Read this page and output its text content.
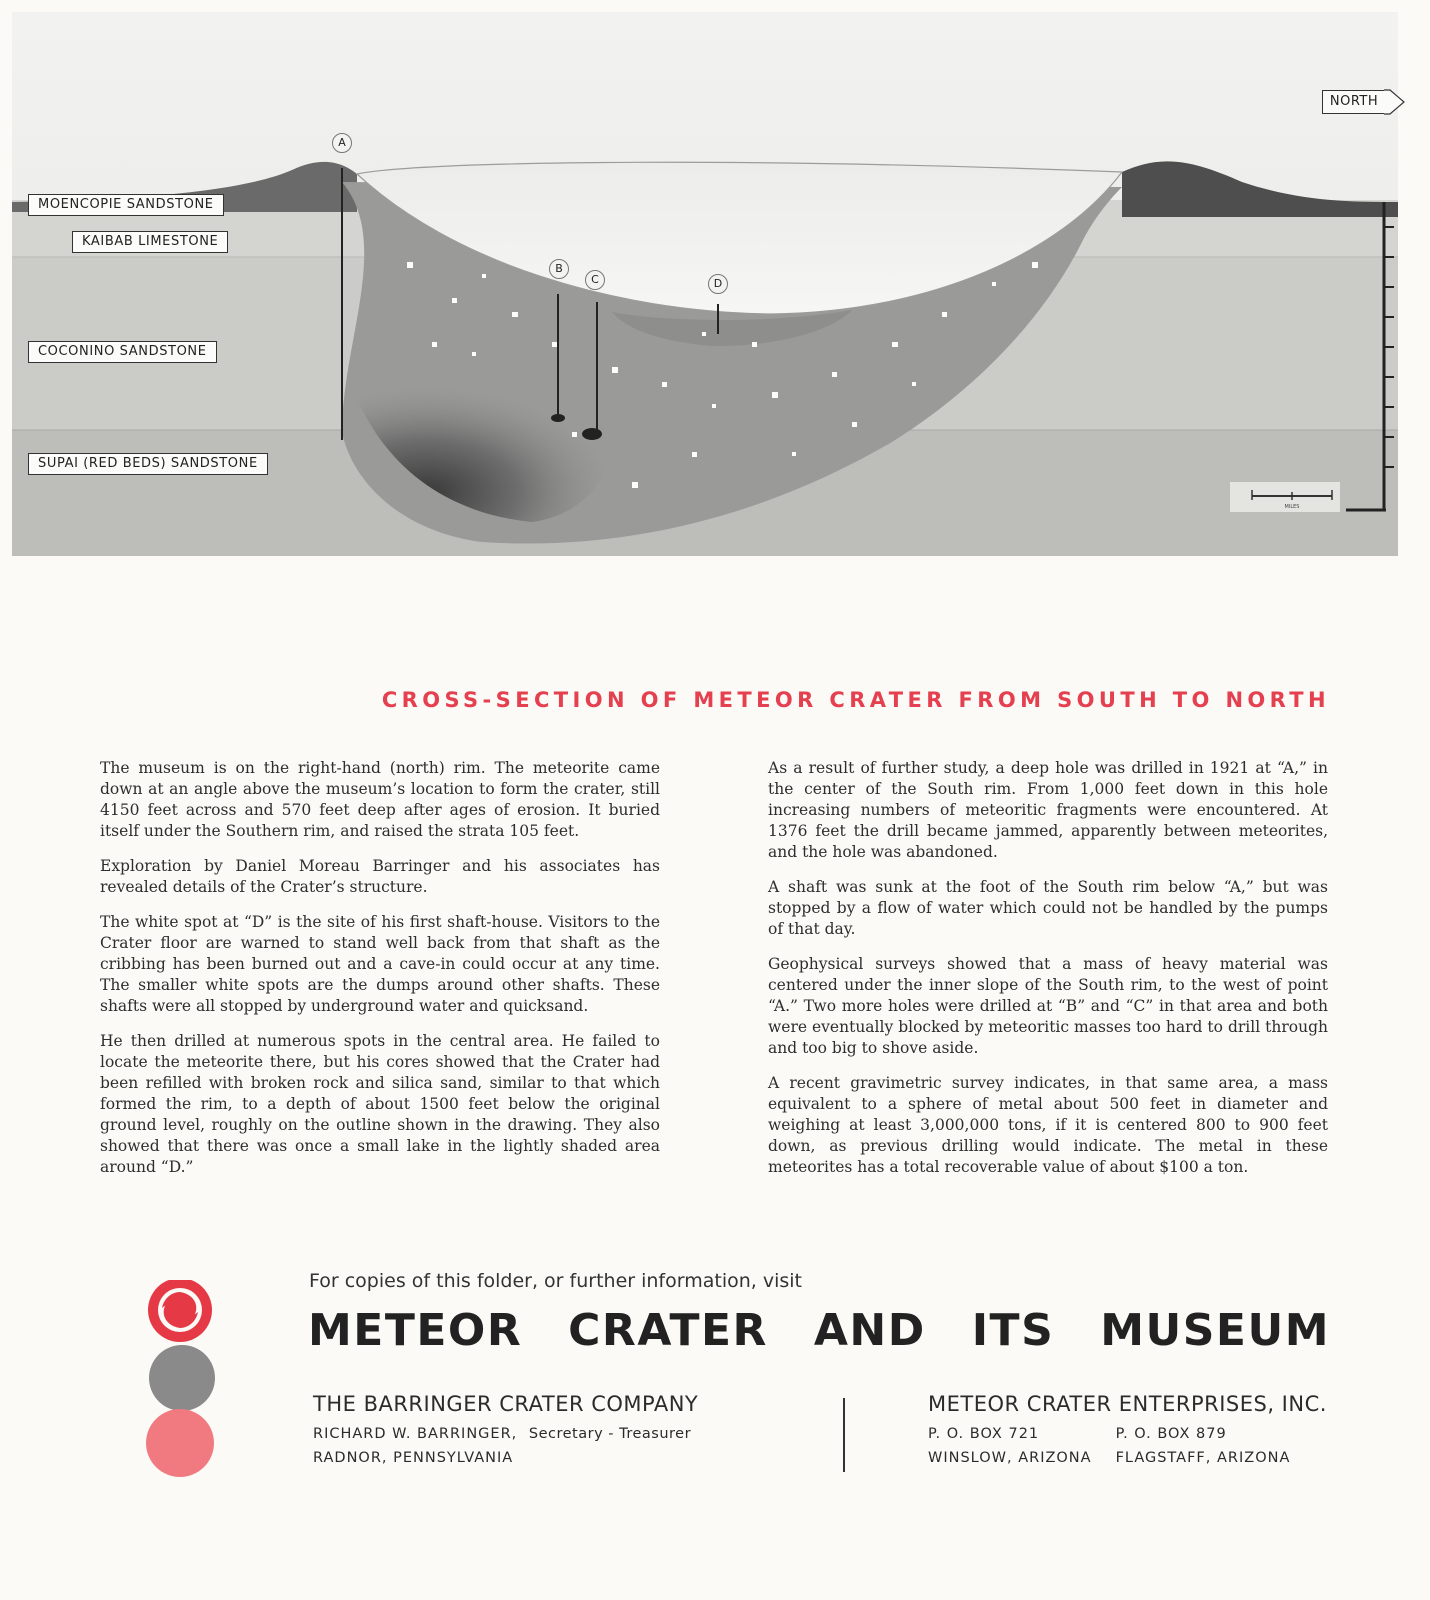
MILES
MOENCOPIE SANDSTONE
KAIBAB LIMESTONE
COCONINO SANDSTONE
SUPAI (RED BEDS) SANDSTONE
NORTH
A
B
C	D
CROSS-SECTION OF METEOR CRATER FROM SOUTH TO NORTH

The museum is on the right-hand (north) rim. The meteorite came down at an angle above the museum’s location to form the crater, still 4150 feet across and 570 feet deep after ages of erosion. It buried itself under the Southern rim, and raised the strata 105 feet.

Exploration by Daniel Moreau Barringer and his associates has revealed details of the Crater’s structure.

The white spot at “D” is the site of his first shaft-house. Visitors to the Crater floor are warned to stand well back from that shaft as the cribbing has been burned out and a cave-in could occur at any time. The smaller white spots are the dumps around other shafts. These shafts were all stopped by underground water and quicksand.

He then drilled at numerous spots in the central area. He failed to locate the meteorite there, but his cores showed that the Crater had been refilled with broken rock and silica sand, similar to that which formed the rim, to a depth of about 1500 feet below the original ground level, roughly on the outline shown in the drawing. They also showed that there was once a small lake in the lightly shaded area around “D.”

As a result of further study, a deep hole was drilled in 1921 at “A,” in the center of the South rim. From 1,000 feet down in this hole increasing numbers of meteoritic fragments were encountered. At 1376 feet the drill became jammed, apparently between meteorites, and the hole was abandoned.

A shaft was sunk at the foot of the South rim below “A,” but was stopped by a flow of water which could not be handled by the pumps of that day.

Geophysical surveys showed that a mass of heavy material was centered under the inner slope of the South rim, to the west of point “A.” Two more holes were drilled at “B” and “C” in that area and both were eventually blocked by meteoritic masses too hard to drill through and too big to shove aside.

A recent gravimetric survey indicates, in that same area, a mass equivalent to a sphere of metal about 500 feet in diameter and weighing at least 3,000,000 tons, if it is centered 800 to 900 feet down, as previous drilling would indicate. The metal in these meteorites has a total recoverable value of about $100 a ton.

For copies of this folder, or further information, visit
METEOR CRATER AND ITS MUSEUM
THE BARRINGER CRATER COMPANY
RICHARD W. BARRINGER, Secretary - Treasurer
RADNOR, PENNSYLVANIA
METEOR CRATER ENTERPRISES, INC.
P. O. BOX 721
WINSLOW, ARIZONA
P. O. BOX 879
FLAGSTAFF, ARIZONA
